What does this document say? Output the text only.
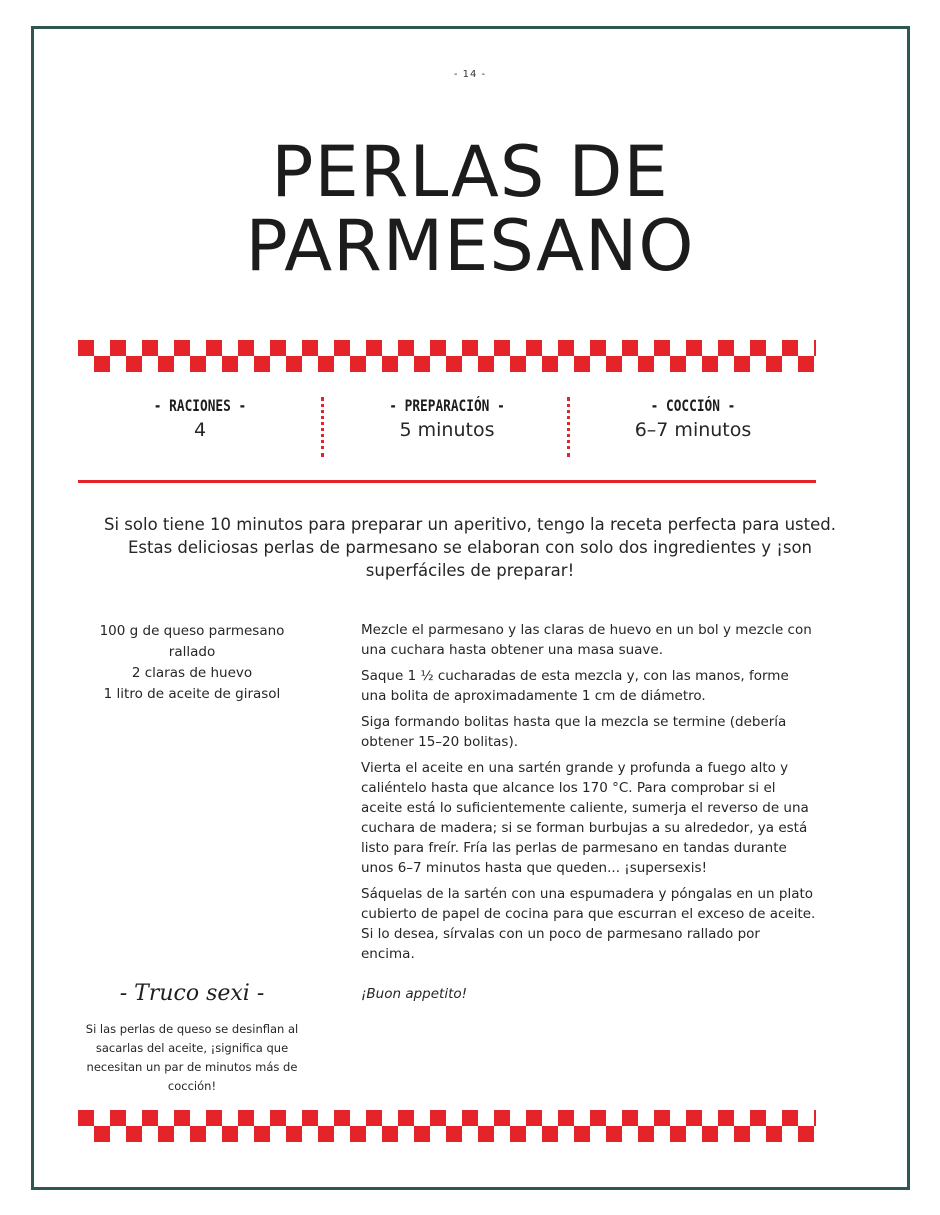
- 14 -
PERLAS DE
PARMESANO
- RACIONES -
4
- PREPARACIÓN -
5 minutos
- COCCIÓN -
6–7 minutos

Si solo tiene 10 minutos para preparar un aperitivo, tengo la receta perfecta para usted. Estas deliciosas perlas de parmesano se elaboran con solo dos ingredientes y ¡son superfáciles de preparar!

100 g de queso parmesano rallado
2 claras de huevo
1 litro de aceite de girasol
Mezcle el parmesano y las claras de huevo en un bol y mezcle con una cuchara hasta obtener una masa suave.
Saque 1 ½ cucharadas de esta mezcla y, con las manos, forme una bolita de aproximadamente 1 cm de diámetro.
Siga formando bolitas hasta que la mezcla se termine (debería obtener 15–20 bolitas).
Vierta el aceite en una sartén grande y profunda a fuego alto y caliéntelo hasta que alcance los 170 °C. Para comprobar si el aceite está lo suficientemente caliente, sumerja el reverso de una cuchara de madera; si se forman burbujas a su alrededor, ya está listo para freír. Fría las perlas de parmesano en tandas durante unos 6–7 minutos hasta que queden... ¡supersexis!
Sáquelas de la sartén con una espumadera y póngalas en un plato cubierto de papel de cocina para que escurran el exceso de aceite. Si lo desea, sírvalas con un poco de parmesano rallado por encima.

¡Buon appetito!

- Truco sexi -

Si las perlas de queso se desinflan al sacarlas del aceite, ¡significa que necesitan un par de minutos más de cocción!
